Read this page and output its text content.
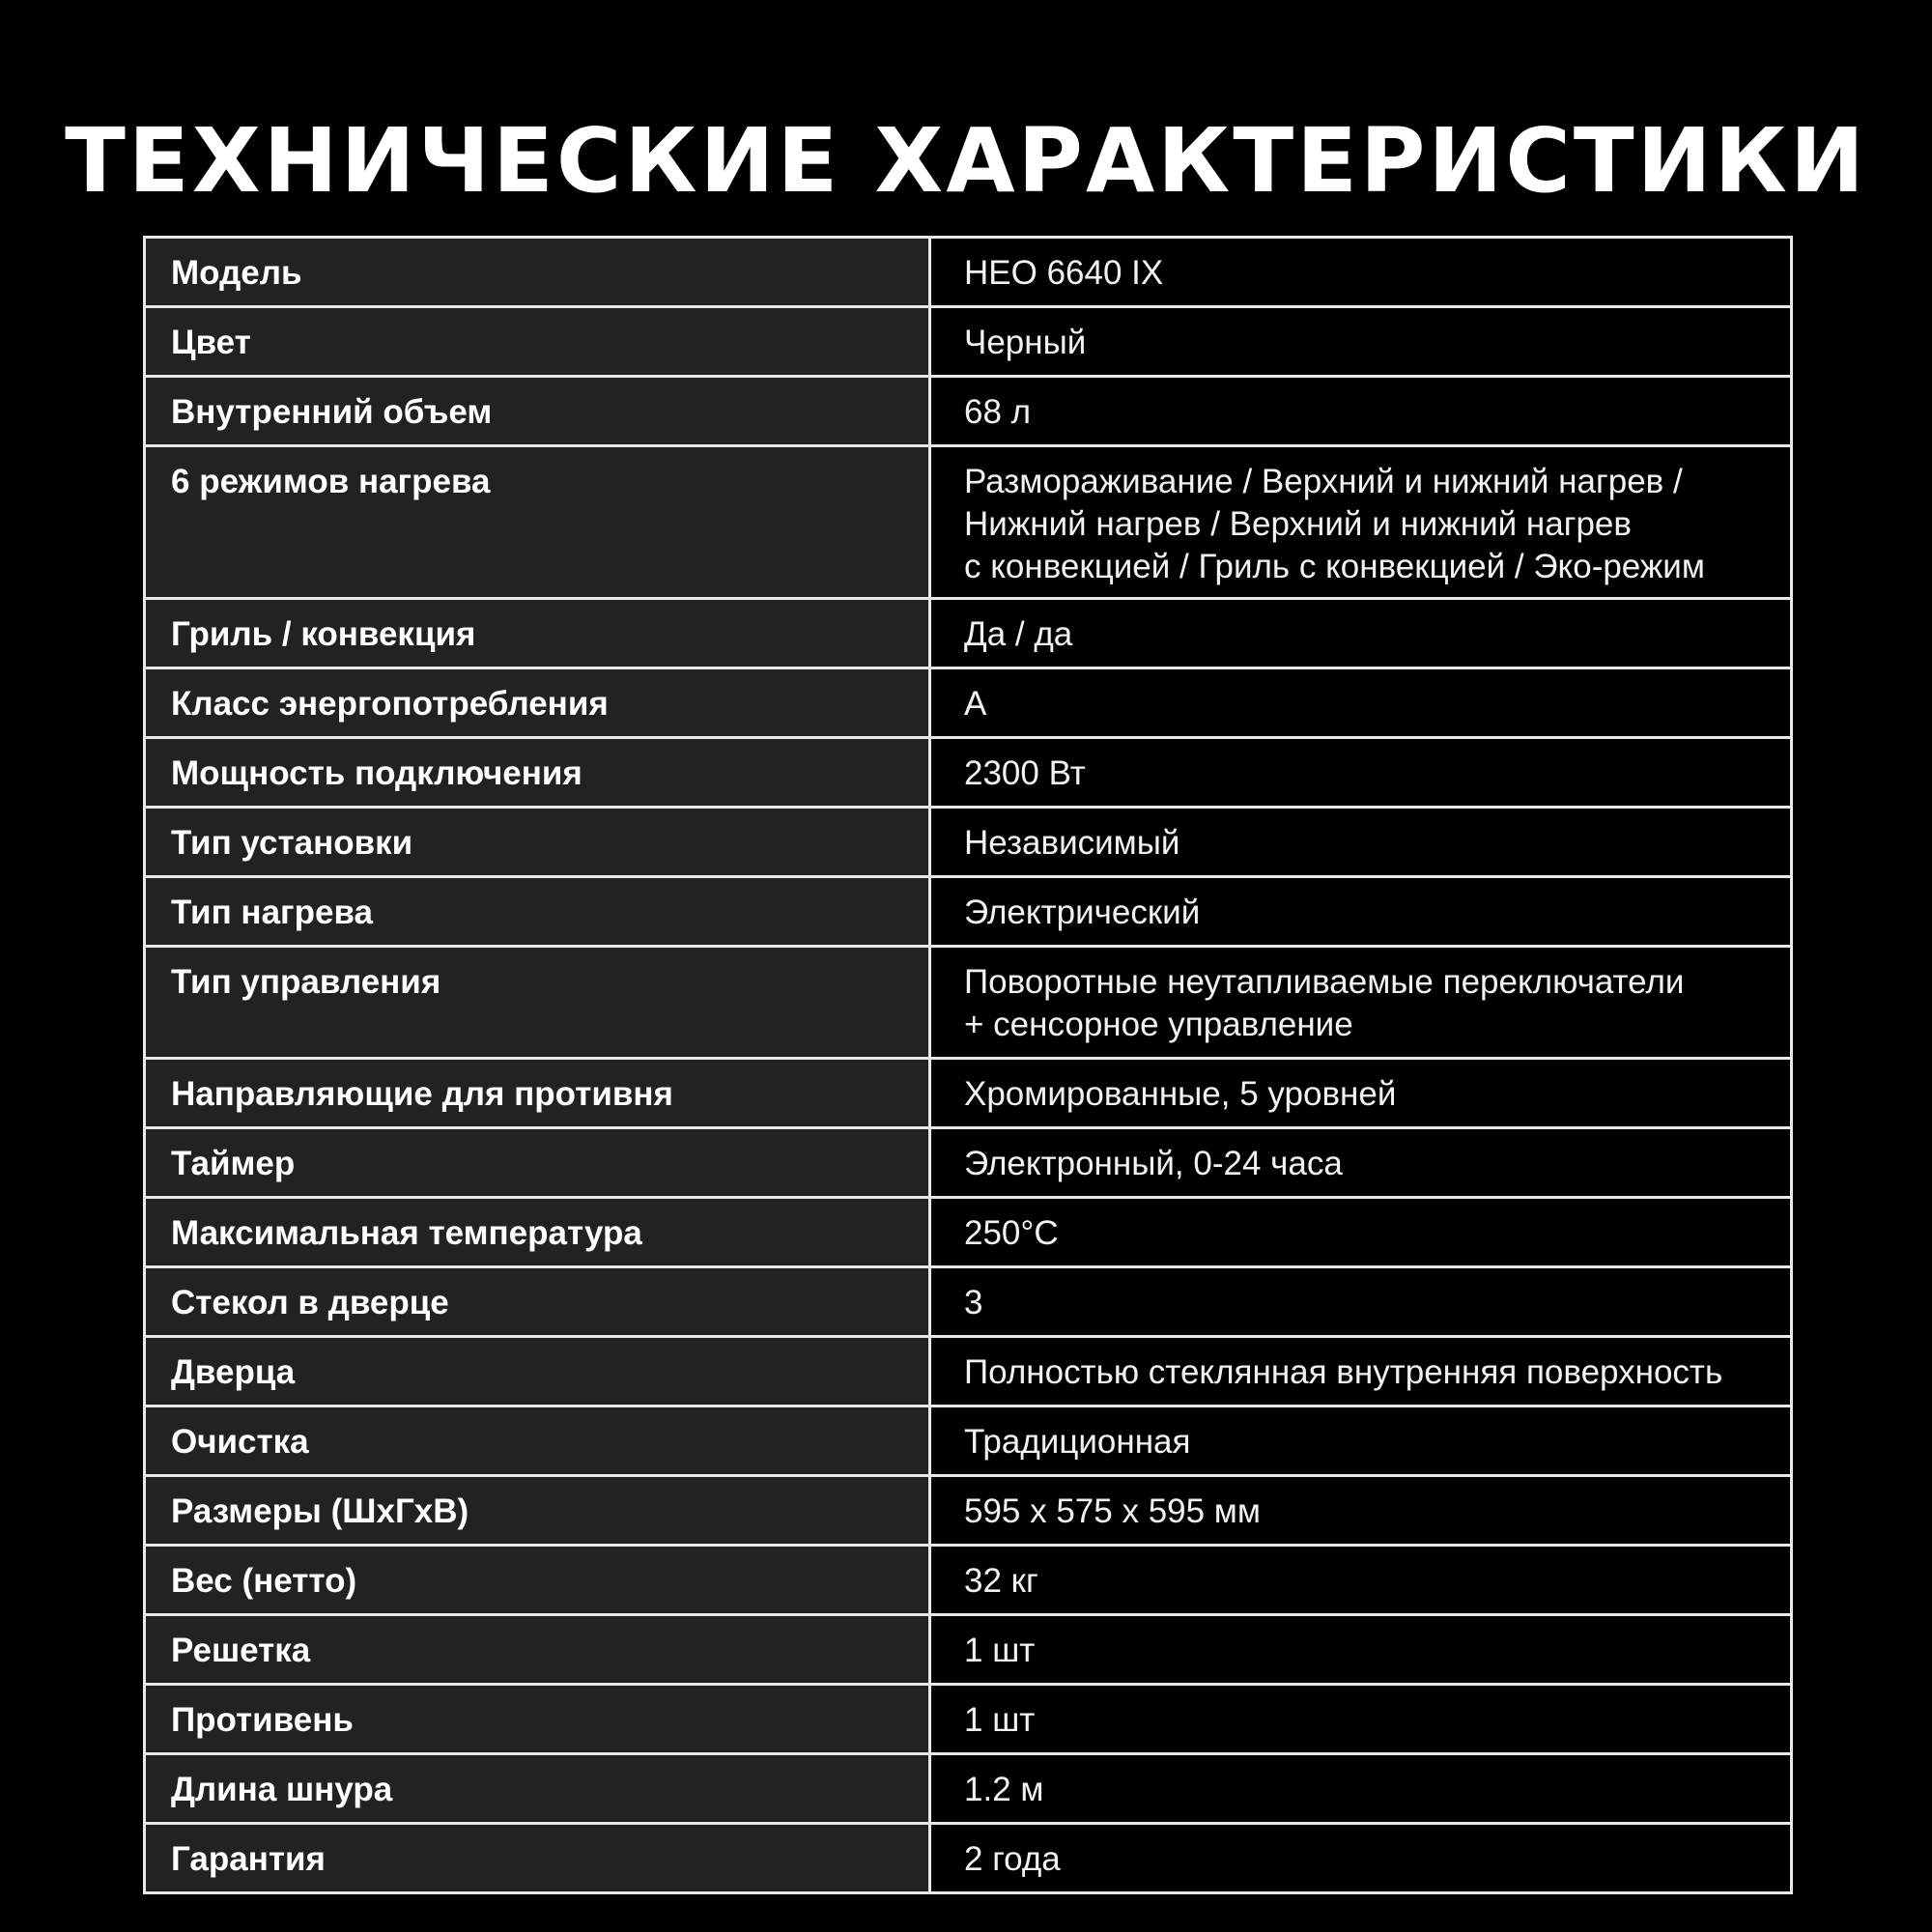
ТЕХНИЧЕСКИЕ ХАРАКТЕРИСТИКИ
Модель	HEO 6640 IX

Цвет	Черный

Внутренний объем	68 л

6 режимов нагрева	Размораживание / Верхний и нижний нагрев /
Нижний нагрев / Верхний и нижний нагрев
с конвекцией / Гриль с конвекцией / Эко-режим

Гриль / конвекция	Да / да

Класс энергопотребления	A

Мощность подключения	2300 Вт

Тип установки	Независимый

Тип нагрева	Электрический

Тип управления	Поворотные неутапливаемые переключатели
+ сенсорное управление

Направляющие для противня	Хромированные, 5 уровней

Таймер	Электронный, 0-24 часа

Максимальная температура	250°C

Стекол в дверце	3

Дверца	Полностью стеклянная внутренняя поверхность

Очистка	Традиционная

Размеры (ШхГхВ)	595 x 575 x 595 мм

Вес (нетто)	32 кг

Решетка	1 шт

Противень	1 шт

Длина шнура	1.2 м

Гарантия	2 года
